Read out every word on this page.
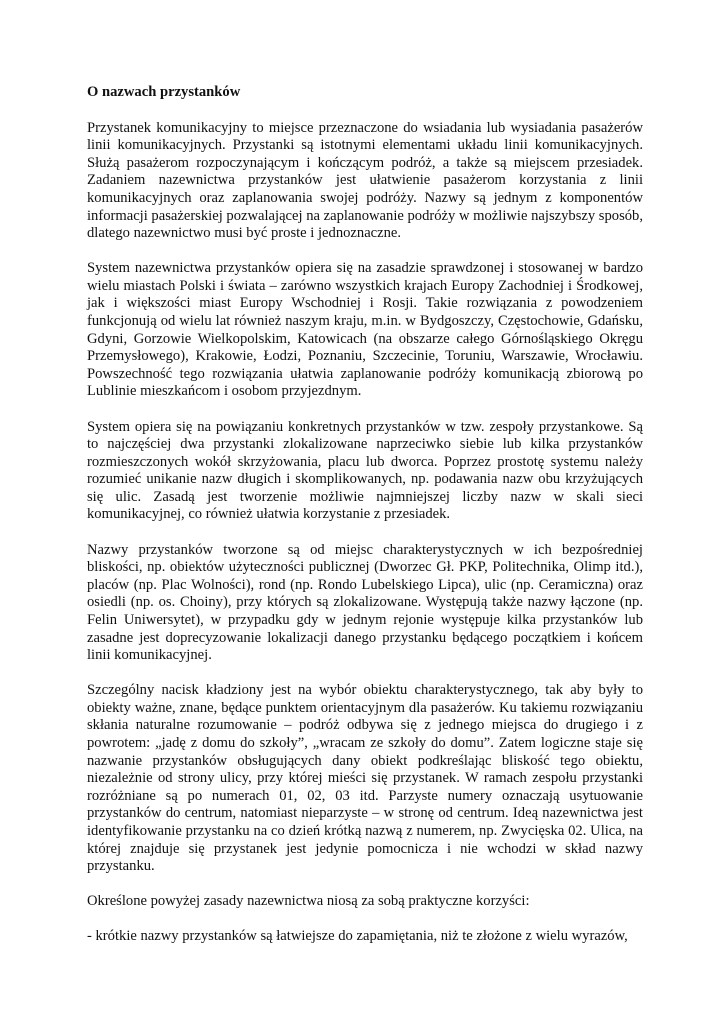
O nazwach przystanków

Przystanek komunikacyjny to miejsce przeznaczone do wsiadania lub wysiadania pasażerów linii komunikacyjnych. Przystanki są istotnymi elementami układu linii komunikacyjnych. Służą pasażerom rozpoczynającym i kończącym podróż, a także są miejscem przesiadek. Zadaniem nazewnictwa przystanków jest ułatwienie pasażerom korzystania z linii komunikacyjnych oraz zaplanowania swojej podróży. Nazwy są jednym z komponentów informacji pasażerskiej pozwalającej na zaplanowanie podróży w możliwie najszybszy sposób, dlatego nazewnictwo musi być proste i jednoznaczne.

System nazewnictwa przystanków opiera się na zasadzie sprawdzonej i stosowanej w bardzo wielu miastach Polski i świata – zarówno wszystkich krajach Europy Zachodniej i Środkowej, jak i większości miast Europy Wschodniej i Rosji. Takie rozwiązania z powodzeniem funkcjonują od wielu lat również naszym kraju, m.in. w Bydgoszczy, Częstochowie, Gdańsku, Gdyni, Gorzowie Wielkopolskim, Katowicach (na obszarze całego Górnośląskiego Okręgu Przemysłowego), Krakowie, Łodzi, Poznaniu, Szczecinie, Toruniu, Warszawie, Wrocławiu. Powszechność tego rozwiązania ułatwia zaplanowanie podróży komunikacją zbiorową po Lublinie mieszkańcom i osobom przyjezdnym.

System opiera się na powiązaniu konkretnych przystanków w tzw. zespoły przystankowe. Są to najczęściej dwa przystanki zlokalizowane naprzeciwko siebie lub kilka przystanków rozmieszczonych wokół skrzyżowania, placu lub dworca. Poprzez prostotę systemu należy rozumieć unikanie nazw długich i skomplikowanych, np. podawania nazw obu krzyżujących się ulic. Zasadą jest tworzenie możliwie najmniejszej liczby nazw w skali sieci komunikacyjnej, co również ułatwia korzystanie z przesiadek.

Nazwy przystanków tworzone są od miejsc charakterystycznych w ich bezpośredniej bliskości, np. obiektów użyteczności publicznej (Dworzec Gł. PKP, Politechnika, Olimp itd.), placów (np. Plac Wolności), rond (np. Rondo Lubelskiego Lipca), ulic (np. Ceramiczna) oraz osiedli (np. os. Choiny), przy których są zlokalizowane. Występują także nazwy łączone (np. Felin Uniwersytet), w przypadku gdy w jednym rejonie występuje kilka przystanków lub zasadne jest doprecyzowanie lokalizacji danego przystanku będącego początkiem i końcem linii komunikacyjnej.

Szczególny nacisk kładziony jest na wybór obiektu charakterystycznego, tak aby były to obiekty ważne, znane, będące punktem orientacyjnym dla pasażerów. Ku takiemu rozwiązaniu skłania naturalne rozumowanie – podróż odbywa się z jednego miejsca do drugiego i z powrotem: „jadę z domu do szkoły”, „wracam ze szkoły do domu”. Zatem logiczne staje się nazwanie przystanków obsługujących dany obiekt podkreślając bliskość tego obiektu, niezależnie od strony ulicy, przy której mieści się przystanek. W ramach zespołu przystanki rozróżniane są po numerach 01, 02, 03 itd. Parzyste numery oznaczają usytuowanie przystanków do centrum, natomiast nieparzyste – w stronę od centrum. Ideą nazewnictwa jest identyfikowanie przystanku na co dzień krótką nazwą z numerem, np. Zwycięska 02. Ulica, na której znajduje się przystanek jest jedynie pomocnicza i nie wchodzi w skład nazwy przystanku.

Określone powyżej zasady nazewnictwa niosą za sobą praktyczne korzyści:

- krótkie nazwy przystanków są łatwiejsze do zapamiętania, niż te złożone z wielu wyrazów,
